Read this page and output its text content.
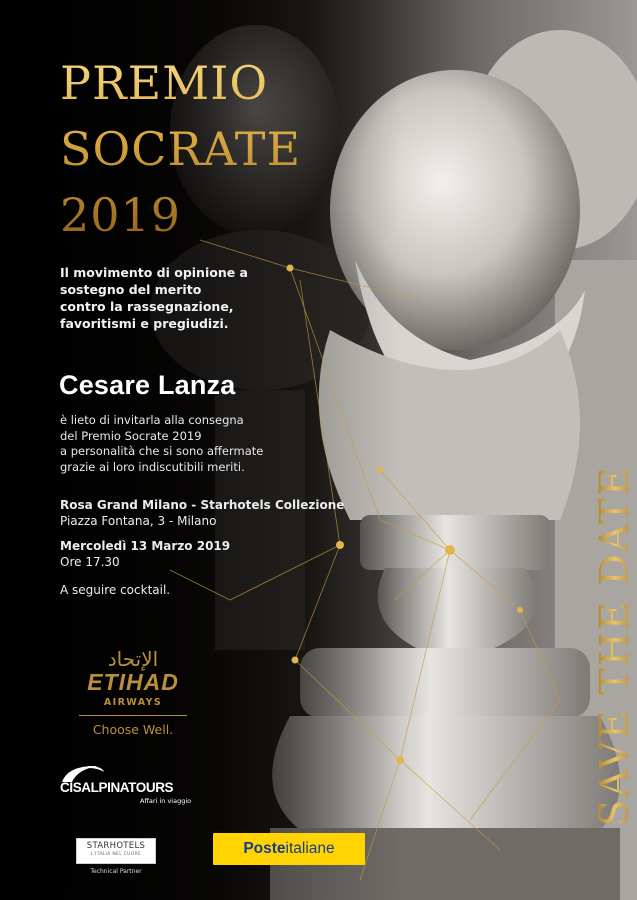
PREMIO
SOCRATE
2019
Il movimento di opinione a
sostegno del merito
contro la rassegnazione,
favoritismi e pregiudizi.
Cesare Lanza
è lieto di invitarla alla consegna
del Premio Socrate 2019
a personalità che si sono affermate
grazie ai loro indiscutibili meriti.
Rosa Grand Milano - Starhotels Collezione
Piazza Fontana, 3 - Milano
Mercoledì 13 Marzo 2019
Ore 17.30
A seguire cocktail.
الإتحاد
ETIHAD
AIRWAYS
Choose Well.
CISALPINATOURS
Affari in viaggio
STARHOTELS
L'ITALIA NEL CUORE
Technical Partner
Posteitaliane
SAVE THE DATE
